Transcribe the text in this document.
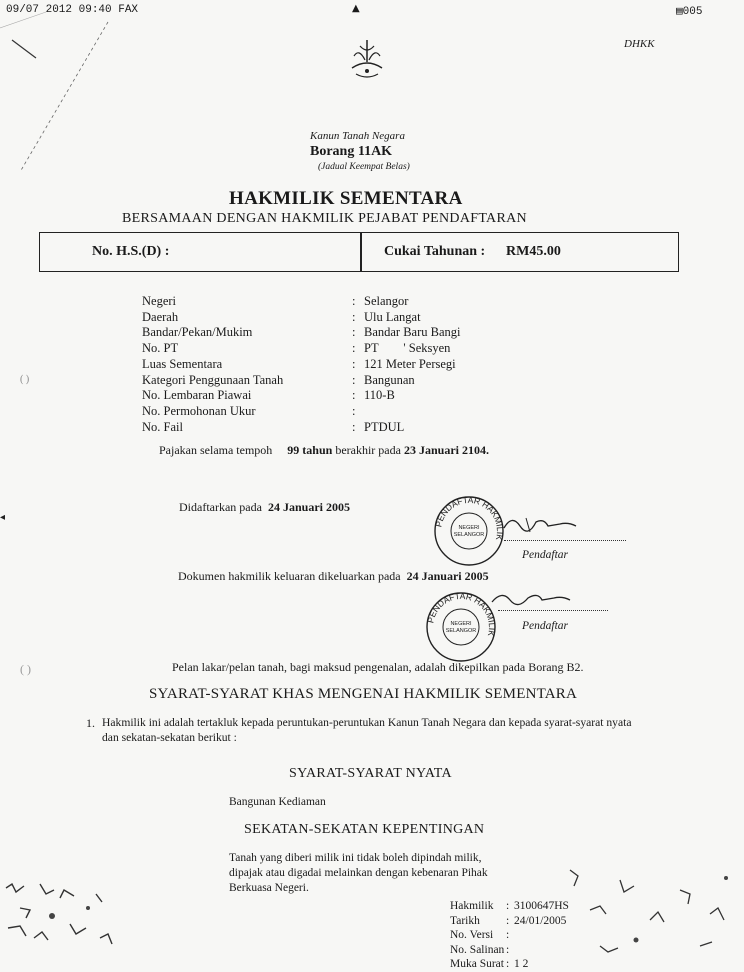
09/07 2012 09:40 FAX	▲	▤005
DHKK
Kanun Tanah Negara
Borang 11AK
(Jadual Keempat Belas)
HAKMILIK SEMENTARA
BERSAMAAN DENGAN HAKMILIK PEJABAT PENDAFTARAN
No. H.S.(D) :	Cukai Tahunan : RM45.00
Negeri	: Selangor
Daerah	: Ulu Langat
Bandar/Pekan/Mukim	: Bandar Baru Bangi
No. PT	: PT        ' Seksyen
Luas Sementara	: 121 Meter Persegi
Kategori Penggunaan Tanah	: Bangunan
No. Lembaran Piawai	: 110-B
No. Permohonan Ukur	:
No. Fail	: PTDUL
Pajakan selama tempoh 99 tahun berakhir pada 23 Januari 2104.
Didaftarkan pada 24 Januari 2005
PENDAFTAR HAKMILIK
NEGERI
SELANGOR
Pendaftar
Dokumen hakmilik keluaran dikeluarkan pada 24 Januari 2005
PENDAFTAR HAKMILIK
NEGERI
SELANGOR	Pendaftar
Pelan lakar/pelan tanah, bagi maksud pengenalan, adalah dikepilkan pada Borang B2.
SYARAT-SYARAT KHAS MENGENAI HAKMILIK SEMENTARA
1. Hakmilik ini adalah tertakluk kepada peruntukan-peruntukan Kanun Tanah Negara dan kepada syarat-syarat nyata
dan sekatan-sekatan berikut :
SYARAT-SYARAT NYATA
Bangunan Kediaman
SEKATAN-SEKATAN KEPENTINGAN
Tanah yang diberi milik ini tidak boleh dipindah milik,
dipajak atau digadai melainkan dengan kebenaran Pihak
Berkuasa Negeri.
Hakmilik	: 3100647HS
Tarikh	: 24/01/2005
No. Versi	:
No. Salinan :
Muka Surat : 1 2
( )
( )
◂
